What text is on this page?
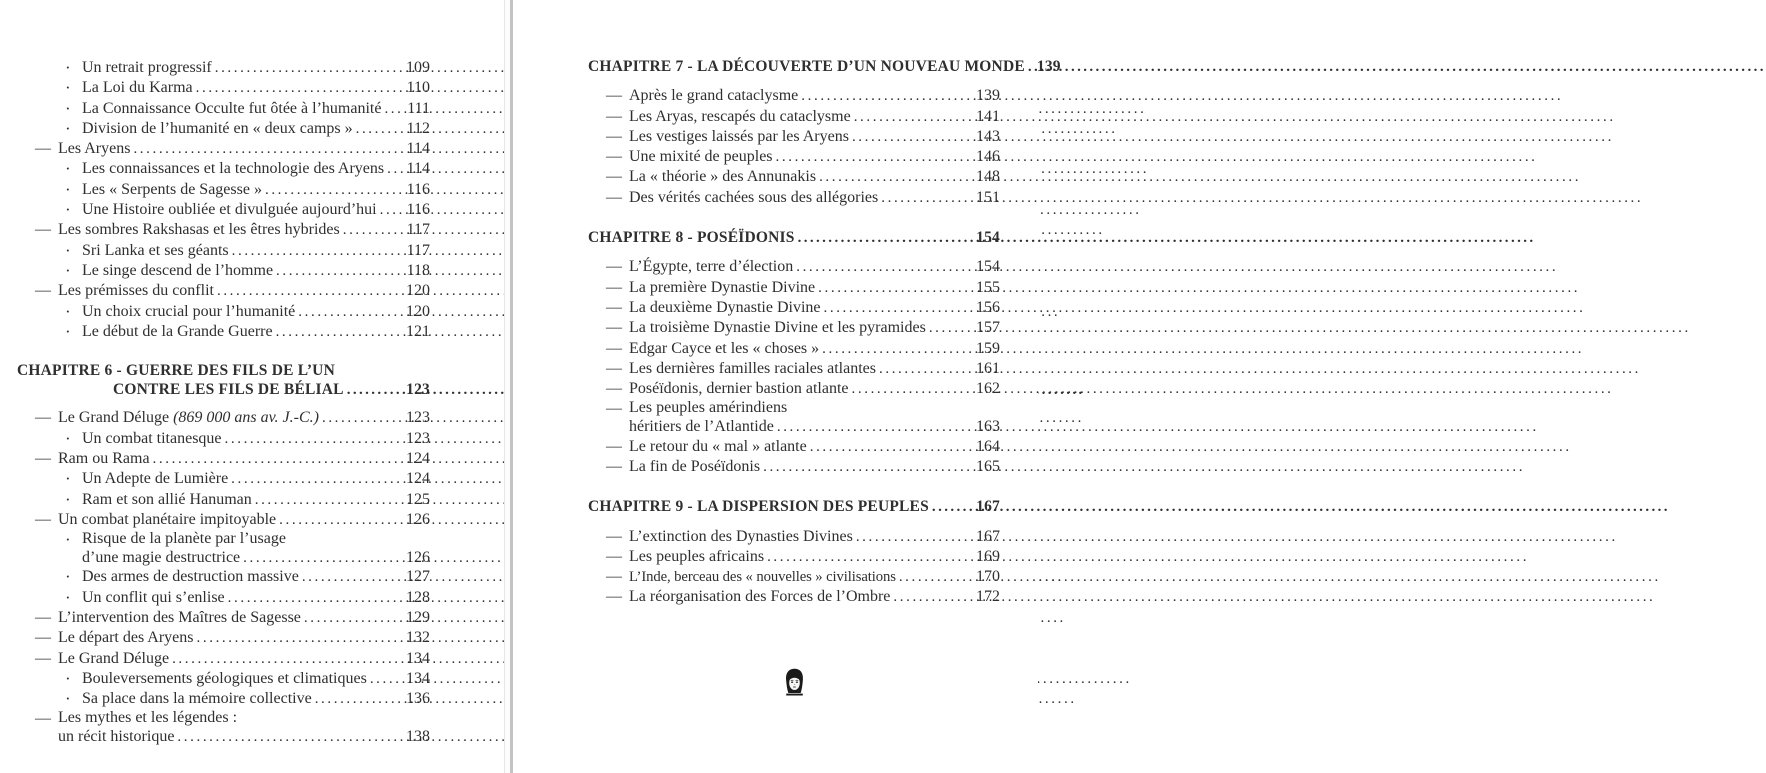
· Un retrait progressif .....	109
· La Loi du Karma .....	110
· La Connaissance Occulte fut ôtée à l’humanité ..... 111
· Division de l’humanité en « deux camps » .....	112
— Les Aryens .....	114
· Les connaissances et la technologie des Aryens ..... 114
· Les « Serpents de Sagesse » .....	116
· Une Histoire oubliée et divulguée aujourd’hui ..... 116
— Les sombres Rakshasas et les êtres hybrides .....	117
· Sri Lanka et ses géants .....	117
· Le singe descend de l’homme .....	118
— Les prémisses du conflit .....	120
· Un choix crucial pour l’humanité .....	120
· Le début de la Grande Guerre .....	121
CHAPITRE 6 - GUERRE DES FILS DE L’UN
CONTRE LES FILS DE BÉLIAL .....	123
— Le Grand Déluge (869 000 ans av. J.-C.) .....	123
· Un combat titanesque .....	123
— Ram ou Rama .....	124
· Un Adepte de Lumière .....	124
· Ram et son allié Hanuman .....	125
— Un combat planétaire impitoyable .....	126
· Risque de la planète par l’usage
d’une magie destructrice .....	126
· Des armes de destruction massive .....	127
· Un conflit qui s’enlise .....	128
— L’intervention des Maîtres de Sagesse .....	129
— Le départ des Aryens .....	132
— Le Grand Déluge .....	134
· Bouleversements géologiques et climatiques ..... 134
· Sa place dans la mémoire collective .....	136
— Les mythes et les légendes :
un récit historique .....	138
CHAPITRE 7 - LA DÉCOUVERTE D’UN NOUVEAU MONDE ..... 139
— Après le grand cataclysme .....	139
— Les Aryas, rescapés du cataclysme .....	141
— Les vestiges laissés par les Aryens .....	143
— Une mixité de peuples .....	146
— La « théorie » des Annunakis .....	148
— Des vérités cachées sous des allégories .....	151
CHAPITRE 8 - POSÉÏDONIS .....	154
— L’Égypte, terre d’élection .....	154
— La première Dynastie Divine .....	155
— La deuxième Dynastie Divine .....	156
— La troisième Dynastie Divine et les pyramides .....	157
— Edgar Cayce et les « choses » .....	159
— Les dernières familles raciales atlantes .....	161
— Poséïdonis, dernier bastion atlante .....	162
— Les peuples amérindiens
héritiers de l’Atlantide .....	163
— Le retour du « mal » atlante .....	164
— La fin de Poséïdonis .....	165
CHAPITRE 9 - LA DISPERSION DES PEUPLES .....	167
— L’extinction des Dynasties Divines .....	167
— Les peuples africains .....	169
— L’Inde, berceau des « nouvelles » civilisations .....	170
— La réorganisation des Forces de l’Ombre .....	172
